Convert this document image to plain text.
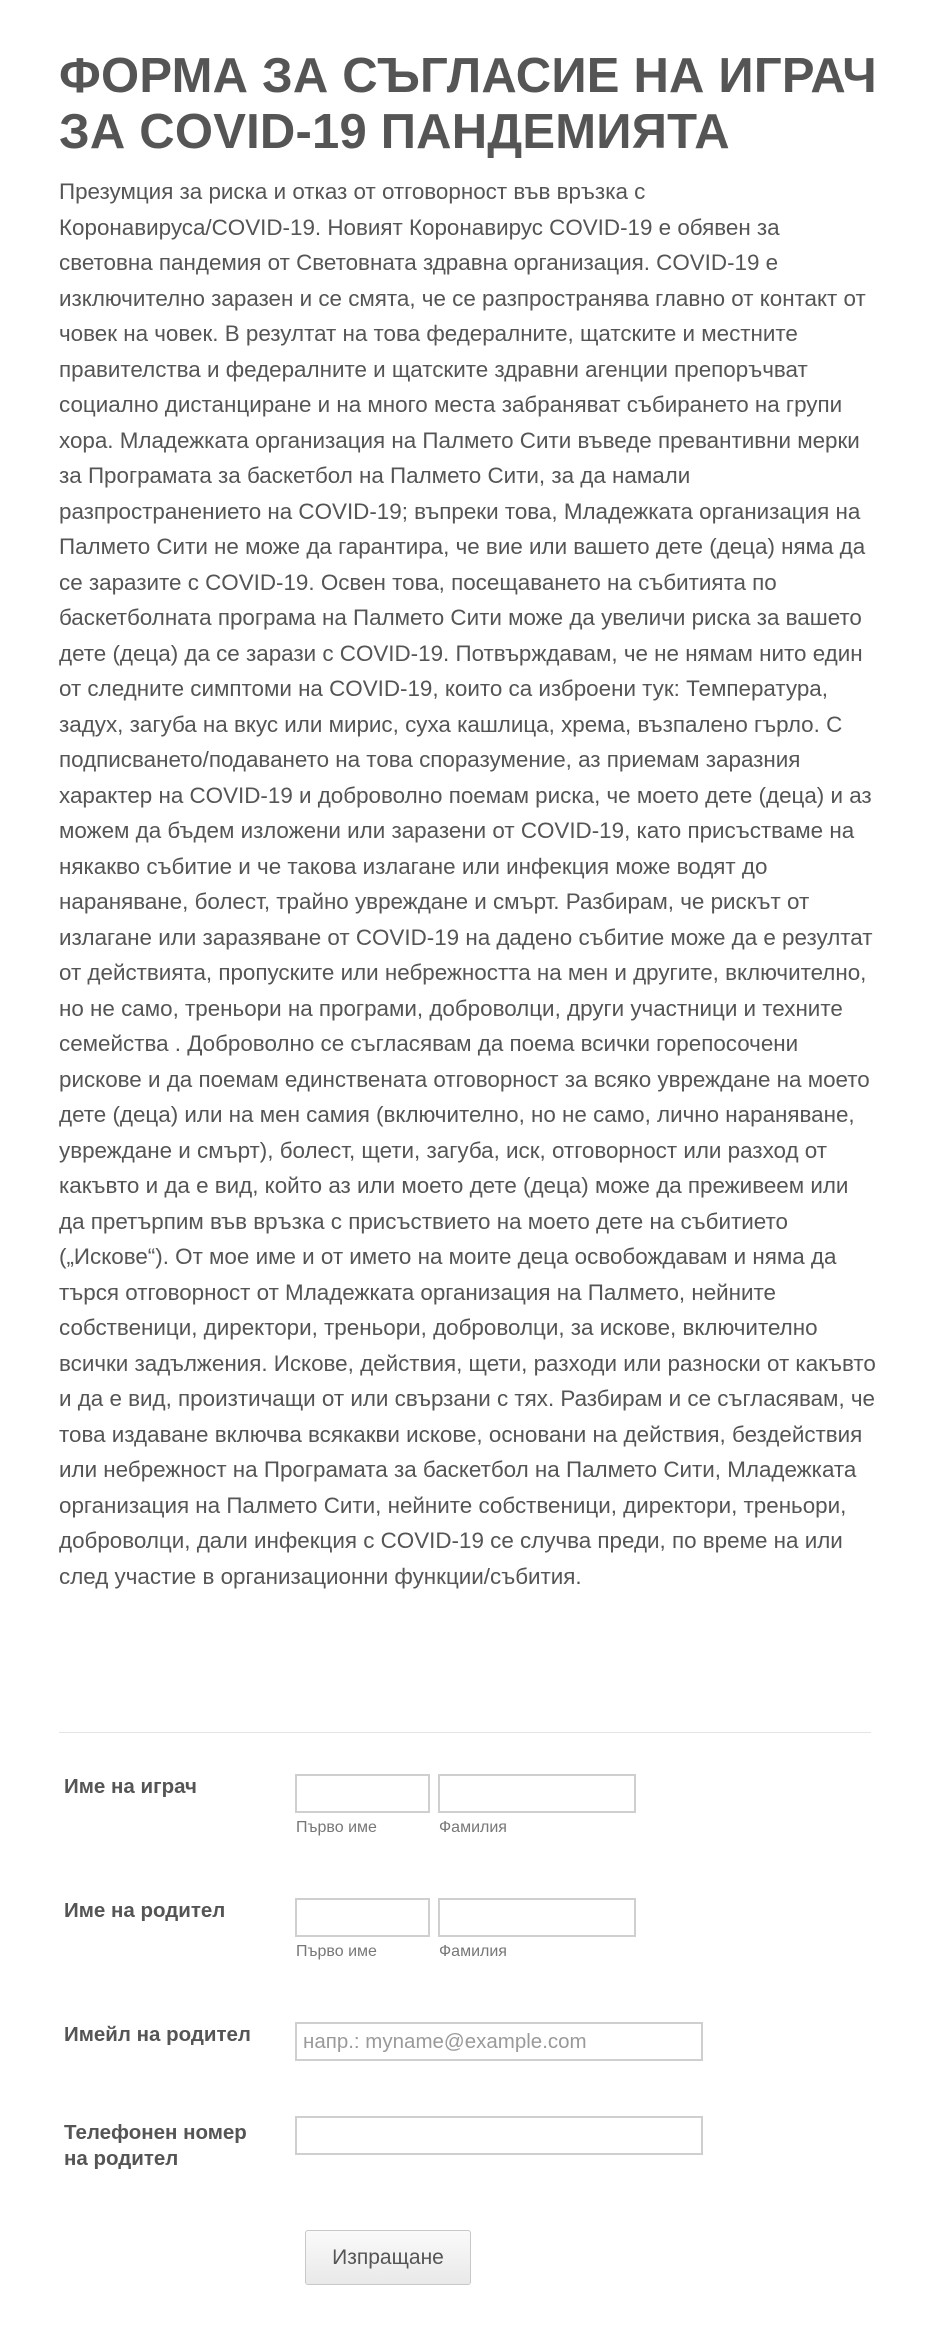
ФОРМА ЗА СЪГЛАСИЕ НА ИГРАЧ ЗА COVID-19 ПАНДЕМИЯТА

Презумция за риска и отказ от отговорност във връзка с Коронавируса/COVID-19. Новият Коронавирус COVID-19 е обявен за световна пандемия от Световната здравна организация. COVID-19 е изключително заразен и се смята, че се разпространява главно от контакт от човек на човек. В резултат на това федералните, щатските и местните правителства и федералните и щатските здравни агенции препоръчват социално дистанциране и на много места забраняват събирането на групи хора. Младежката организация на Палмето Сити въведе превантивни мерки за Програмата за баскетбол на Палмето Сити, за да намали разпространението на COVID-19; въпреки това, Младежката организация на Палмето Сити не може да гарантира, че вие или вашето дете (деца) няма да се заразите с COVID-19. Освен това, посещаването на събитията по баскетболната програма на Палмето Сити може да увеличи риска за вашето дете (деца) да се зарази с COVID-19. Потвърждавам, че не нямам нито един от следните симптоми на COVID-19, които са изброени тук: Температура, задух, загуба на вкус или мирис, суха кашлица, хрема, възпалено гърло. С подписването/подаването на това споразумение, аз приемам заразния характер на COVID-19 и доброволно поемам риска, че моето дете (деца) и аз можем да бъдем изложени или заразени от COVID-19, като присъстваме на някакво събитие и че такова излагане или инфекция може водят до нараняване, болест, трайно увреждане и смърт. Разбирам, че рискът от излагане или заразяване от COVID-19 на дадено събитие може да е резултат от действията, пропуските или небрежността на мен и другите, включително, но не само, треньори на програми, доброволци, други участници и техните семейства . Доброволно се съгласявам да поема всички горепосочени рискове и да поемам единствената отговорност за всяко увреждане на моето дете (деца) или на мен самия (включително, но не само, лично нараняване, увреждане и смърт), болест, щети, загуба, иск, отговорност или разход от какъвто и да е вид, който аз или моето дете (деца) може да преживеем или да претърпим във връзка с присъствието на моето дете на събитието („Искове“). От мое име и от името на моите деца освобождавам и няма да търся отговорност от Младежката организация на Палмето, нейните собственици, директори, треньори, доброволци, за искове, включително всички задължения. Искове, действия, щети, разходи или разноски от какъвто и да е вид, произтичащи от или свързани с тях. Разбирам и се съгласявам, че това издаване включва всякакви искове, основани на действия, бездействия или небрежност на Програмата за баскетбол на Палмето Сити, Младежката организация на Палмето Сити, нейните собственици, директори, треньори, доброволци, дали инфекция с COVID-19 се случва преди, по време на или след участие в организационни функции/събития.

Име на играч
Първо име	Фамилия
Име на родител
Първо име	Фамилия
Имейл на родител
напр.: myname@example.com
Телефонен номер на родител
Изпращане
